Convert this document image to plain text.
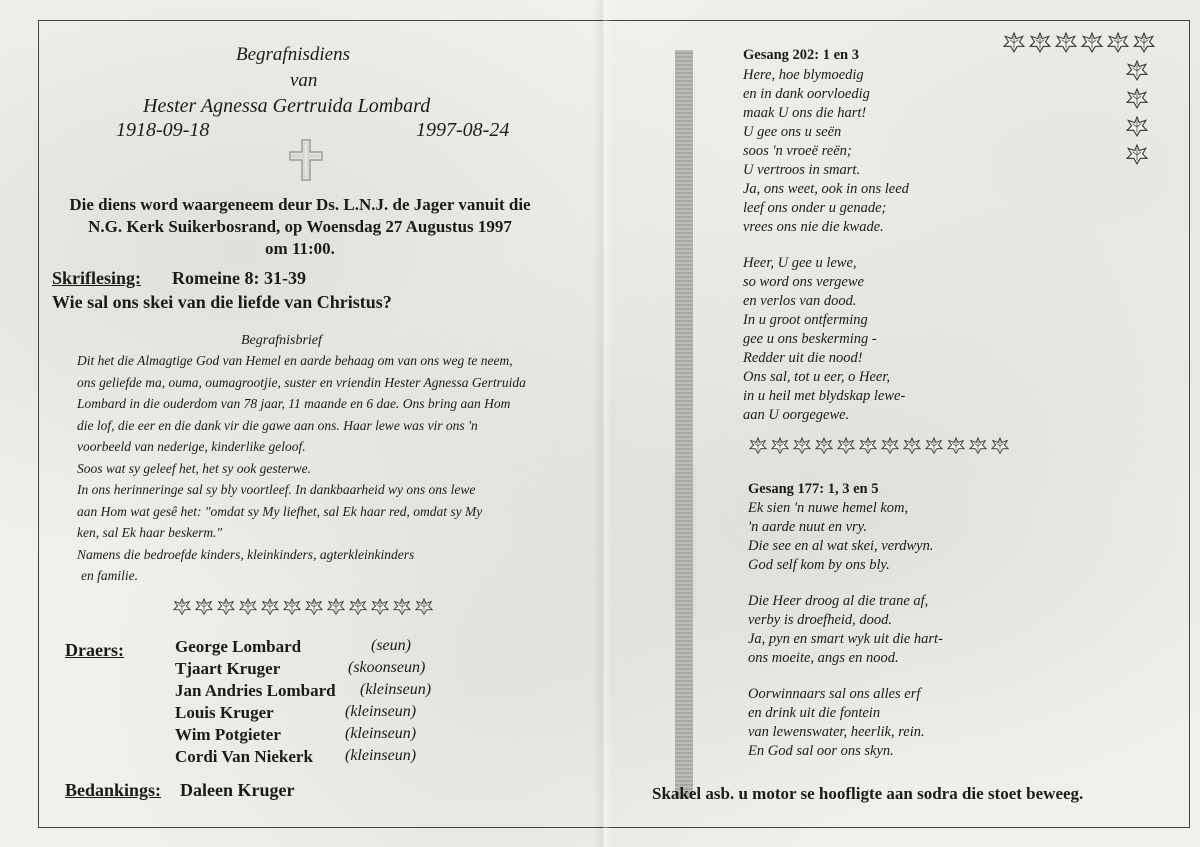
Begrafnisdiens
van
Hester Agnessa Gertruida Lombard
1918-09-18	1997-08-24
Die diens word waargeneem deur Ds. L.N.J. de Jager vanuit die
N.G. Kerk Suikerbosrand, op Woensdag 27 Augustus 1997
om 11:00.
Skriflesing: Romeine 8: 31-39
Wie sal ons skei van die liefde van Christus?
Begrafnisbrief
Dit het die Almagtige God van Hemel en aarde behaag om van ons weg te neem,
ons geliefde ma, ouma, oumagrootjie, suster en vriendin Hester Agnessa Gertruida
Lombard in die ouderdom van 78 jaar, 11 maande en 6 dae. Ons bring aan Hom
die lof, die eer en die dank vir die gawe aan ons. Haar lewe was vir ons 'n
voorbeeld van nederige, kinderlike geloof.
Soos wat sy geleef het, het sy ook gesterwe.
In ons herinneringe sal sy bly voortleef. In dankbaarheid wy ons ons lewe
aan Hom wat gesê het: "omdat sy My liefhet, sal Ek haar red, omdat sy My
ken, sal Ek haar beskerm."
Namens die bedroefde kinders, kleinkinders, agterkleinkinders
en familie.
Draers:	George Lombard	(seun)
Tjaart Kruger	(skoonseun)
Jan Andries Lombard (kleinseun)
Louis Kruger	(kleinseun)
Wim Potgieter	(kleinseun)
Cordi Van Niekerk (kleinseun)
Bedankings: Daleen Kruger
Gesang 202: 1 en 3
Here, hoe blymoedig
en in dank oorvloedig
maak U ons die hart!
U gee ons u seën
soos 'n vroeë reën;
U vertroos in smart.
Ja, ons weet, ook in ons leed
leef ons onder u genade;
vrees ons nie die kwade.
Heer, U gee u lewe,
so word ons vergewe
en verlos van dood.
In u groot ontferming
gee u ons beskerming -
Redder uit die nood!
Ons sal, tot u eer, o Heer,
in u heil met blydskap lewe-
aan U oorgegewe.
Gesang 177: 1, 3 en 5
Ek sien 'n nuwe hemel kom,
'n aarde nuut en vry.
Die see en al wat skei, verdwyn.
God self kom by ons bly.
Die Heer droog al die trane af,
verby is droefheid, dood.
Ja, pyn en smart wyk uit die hart-
ons moeite, angs en nood.
Oorwinnaars sal ons alles erf
en drink uit die fontein
van lewenswater, heerlik, rein.
En God sal oor ons skyn.
Skakel asb. u motor se hoofligte aan sodra die stoet beweeg.
